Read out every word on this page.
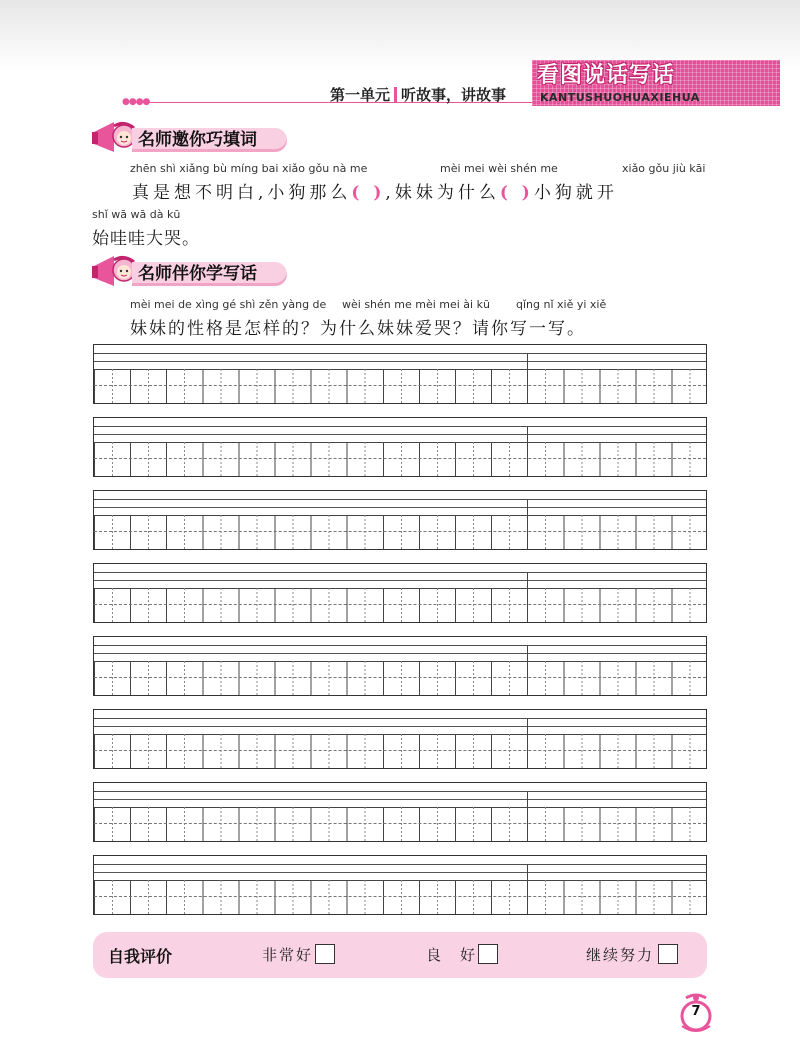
●●●●	第一单元 听故事，讲故事
看图说话写话
KANTUSHUOHUAXIEHUA
名师邀你巧填词
zhēn shì xiǎng bù míng bai xiǎo gǒu nà me	mèi mei wèi shén me	xiǎo gǒu jiù kāi
真是想不明白,小狗那么( ),妹妹为什么( )小狗就开
shǐ wā wā dà kū
始哇哇大哭。
名师伴你学写话
mèi mei de xìng gé shì zěn yàng de wèi shén me mèi mei ài kū qǐng nǐ xiě yi xiě
妹妹的性格是怎样的？为什么妹妹爱哭？请你写一写。
自我评价	非常好	良　好	继续努力
7
